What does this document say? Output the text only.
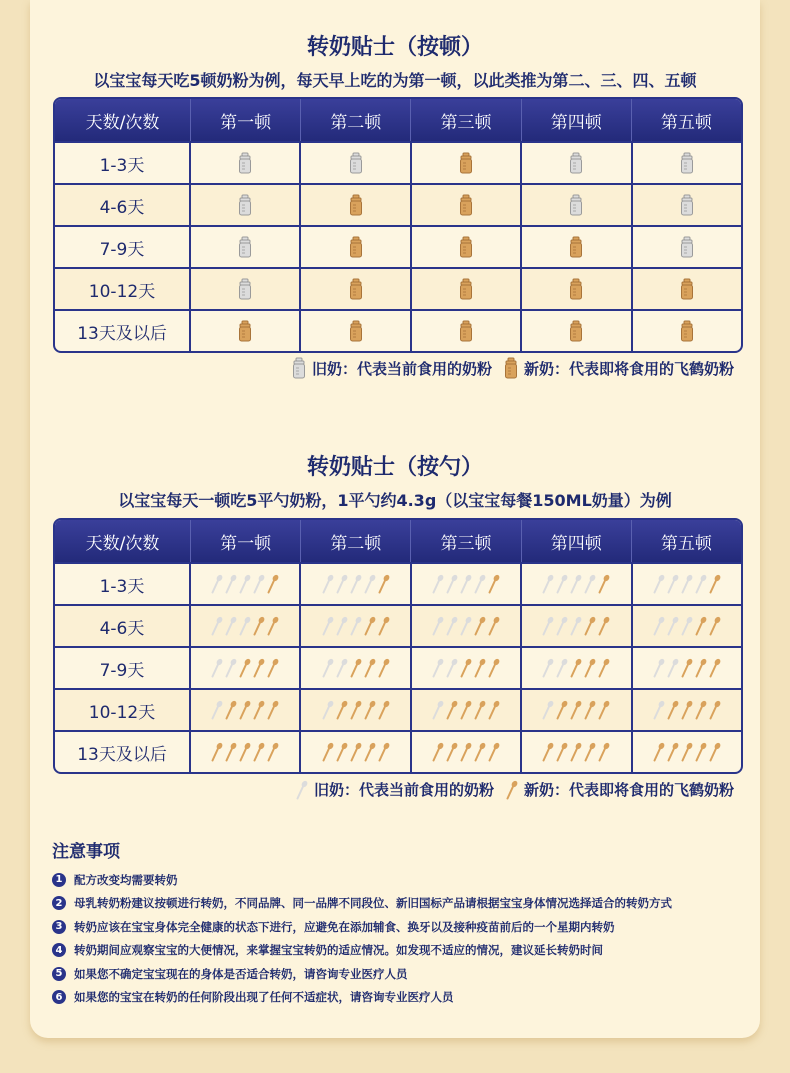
转奶贴士（按顿）
以宝宝每天吃5顿奶粉为例，每天早上吃的为第一顿，以此类推为第二、三、四、五顿
天数/次数	第一顿	第二顿	第三顿	第四顿	第五顿
1-3天
4-6天
7-9天
10-12天
13天及以后
旧奶：代表当前食用的奶粉 新奶：代表即将食用的飞鹤奶粉
转奶贴士（按勺）
以宝宝每天一顿吃5平勺奶粉，1平勺约4.3g（以宝宝每餐150ML奶量）为例
天数/次数	第一顿	第二顿	第三顿	第四顿	第五顿
1-3天
4-6天
7-9天
10-12天
13天及以后
旧奶：代表当前食用的奶粉 新奶：代表即将食用的飞鹤奶粉
注意事项
1	配方改变均需要转奶
2	母乳转奶粉建议按顿进行转奶，不同品牌、同一品牌不同段位、新旧国标产品请根据宝宝身体情况选择适合的转奶方式
3	转奶应该在宝宝身体完全健康的状态下进行，应避免在添加辅食、换牙以及接种疫苗前后的一个星期内转奶
4	转奶期间应观察宝宝的大便情况，来掌握宝宝转奶的适应情况。如发现不适应的情况，建议延长转奶时间
5	如果您不确定宝宝现在的身体是否适合转奶，请咨询专业医疗人员
6	如果您的宝宝在转奶的任何阶段出现了任何不适症状，请咨询专业医疗人员
